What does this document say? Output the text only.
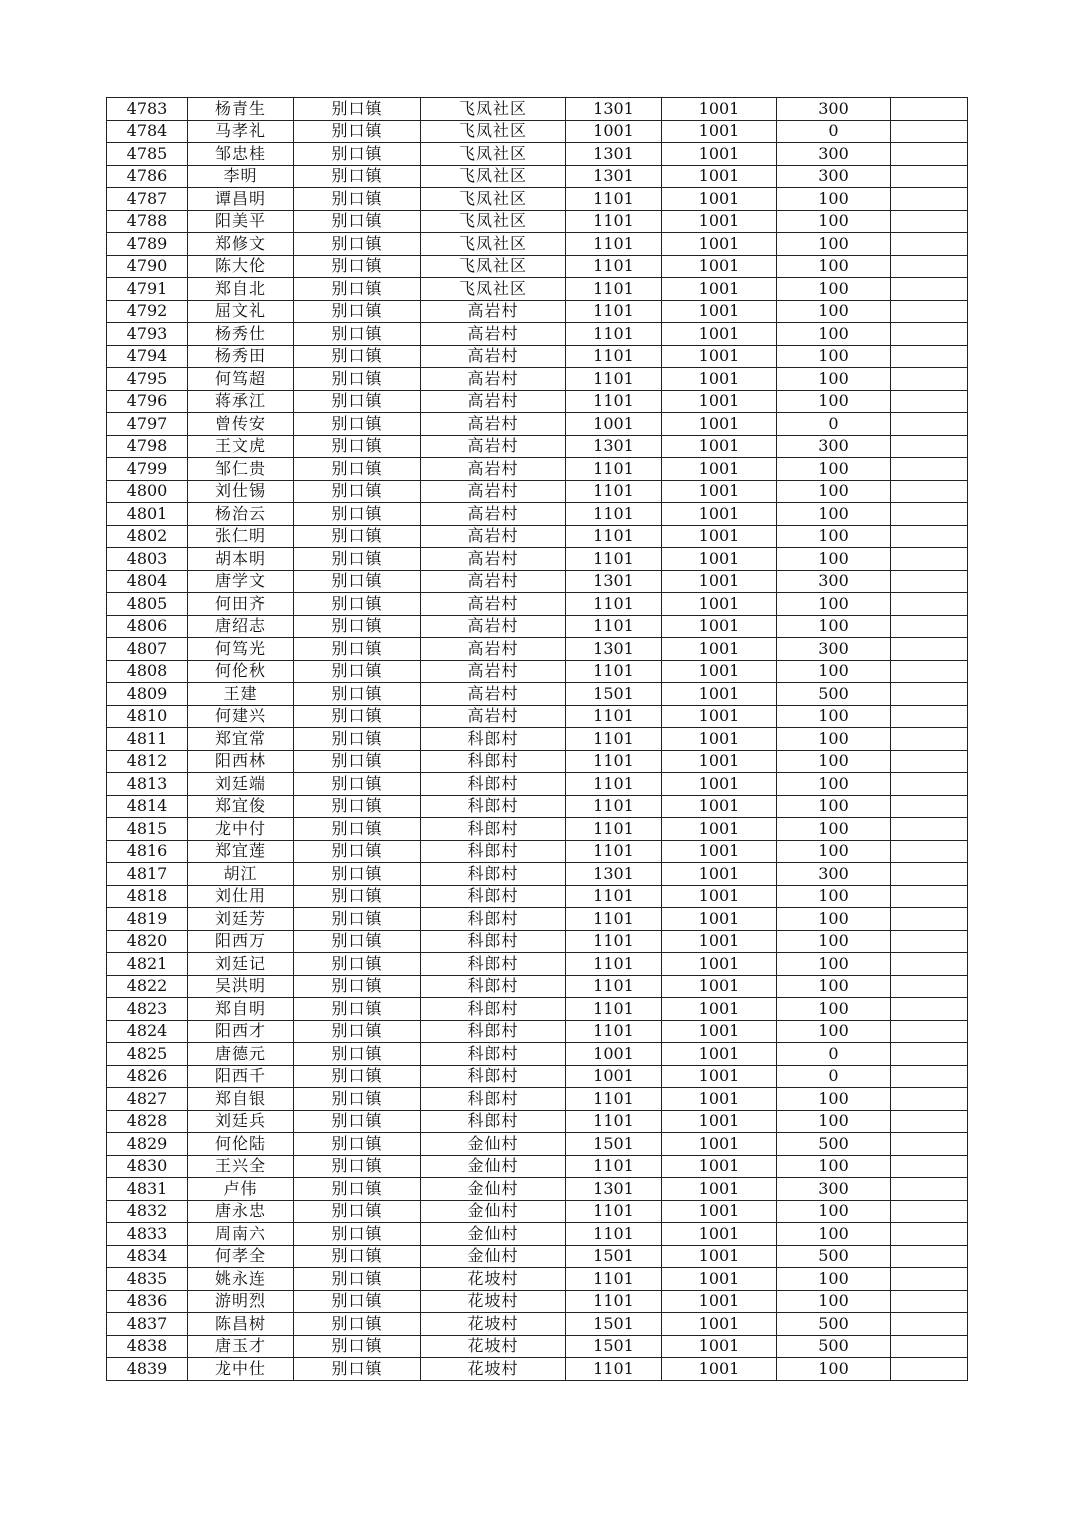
4783	杨青生	别口镇	飞凤社区	1301	1001	300	
4784	马孝礼	别口镇	飞凤社区	1001	1001	0	
4785	邹忠桂	别口镇	飞凤社区	1301	1001	300	
4786	李明	别口镇	飞凤社区	1301	1001	300	
4787	谭昌明	别口镇	飞凤社区	1101	1001	100	
4788	阳美平	别口镇	飞凤社区	1101	1001	100	
4789	郑修文	别口镇	飞凤社区	1101	1001	100	
4790	陈大伦	别口镇	飞凤社区	1101	1001	100	
4791	郑自北	别口镇	飞凤社区	1101	1001	100	
4792	屈文礼	别口镇	高岩村	1101	1001	100	
4793	杨秀仕	别口镇	高岩村	1101	1001	100	
4794	杨秀田	别口镇	高岩村	1101	1001	100	
4795	何笃超	别口镇	高岩村	1101	1001	100	
4796	蒋承江	别口镇	高岩村	1101	1001	100	
4797	曾传安	别口镇	高岩村	1001	1001	0	
4798	王文虎	别口镇	高岩村	1301	1001	300	
4799	邹仁贵	别口镇	高岩村	1101	1001	100	
4800	刘仕锡	别口镇	高岩村	1101	1001	100	
4801	杨治云	别口镇	高岩村	1101	1001	100	
4802	张仁明	别口镇	高岩村	1101	1001	100	
4803	胡本明	别口镇	高岩村	1101	1001	100	
4804	唐学文	别口镇	高岩村	1301	1001	300	
4805	何田齐	别口镇	高岩村	1101	1001	100	
4806	唐绍志	别口镇	高岩村	1101	1001	100	
4807	何笃光	别口镇	高岩村	1301	1001	300	
4808	何伦秋	别口镇	高岩村	1101	1001	100	
4809	王建	别口镇	高岩村	1501	1001	500	
4810	何建兴	别口镇	高岩村	1101	1001	100	
4811	郑宜常	别口镇	科郎村	1101	1001	100	
4812	阳西林	别口镇	科郎村	1101	1001	100	
4813	刘廷端	别口镇	科郎村	1101	1001	100	
4814	郑宜俊	别口镇	科郎村	1101	1001	100	
4815	龙中付	别口镇	科郎村	1101	1001	100	
4816	郑宜莲	别口镇	科郎村	1101	1001	100	
4817	胡江	别口镇	科郎村	1301	1001	300	
4818	刘仕用	别口镇	科郎村	1101	1001	100	
4819	刘廷芳	别口镇	科郎村	1101	1001	100	
4820	阳西万	别口镇	科郎村	1101	1001	100	
4821	刘廷记	别口镇	科郎村	1101	1001	100	
4822	吴洪明	别口镇	科郎村	1101	1001	100	
4823	郑自明	别口镇	科郎村	1101	1001	100	
4824	阳西才	别口镇	科郎村	1101	1001	100	
4825	唐德元	别口镇	科郎村	1001	1001	0	
4826	阳西千	别口镇	科郎村	1001	1001	0	
4827	郑自银	别口镇	科郎村	1101	1001	100	
4828	刘廷兵	别口镇	科郎村	1101	1001	100	
4829	何伦陆	别口镇	金仙村	1501	1001	500	
4830	王兴全	别口镇	金仙村	1101	1001	100	
4831	卢伟	别口镇	金仙村	1301	1001	300	
4832	唐永忠	别口镇	金仙村	1101	1001	100	
4833	周南六	别口镇	金仙村	1101	1001	100	
4834	何孝全	别口镇	金仙村	1501	1001	500	
4835	姚永连	别口镇	花坡村	1101	1001	100	
4836	游明烈	别口镇	花坡村	1101	1001	100	
4837	陈昌树	别口镇	花坡村	1501	1001	500	
4838	唐玉才	别口镇	花坡村	1501	1001	500	
4839	龙中仕	别口镇	花坡村	1101	1001	100	
